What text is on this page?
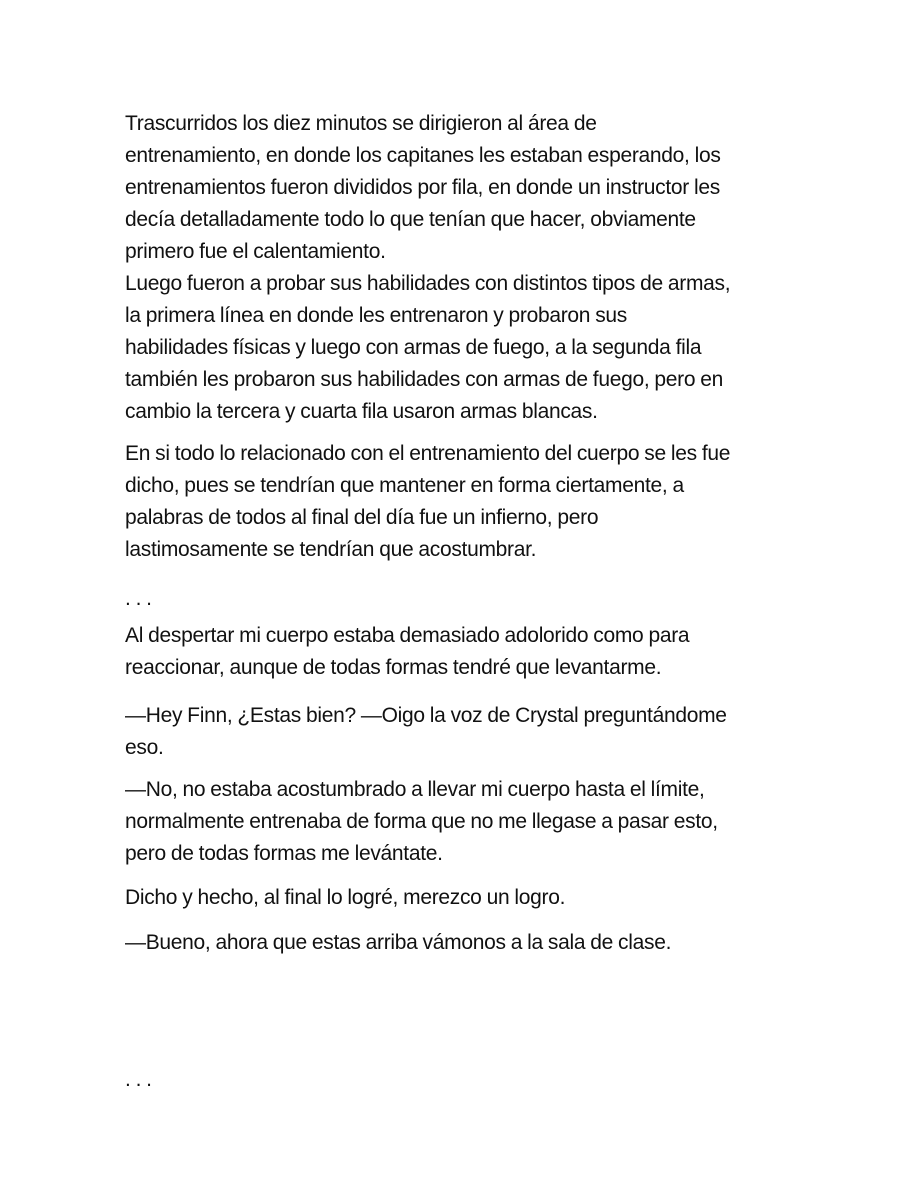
Trascurridos los diez minutos se dirigieron al área de
entrenamiento, en donde los capitanes les estaban esperando, los
entrenamientos fueron divididos por fila, en donde un instructor les
decía detalladamente todo lo que tenían que hacer, obviamente
primero fue el calentamiento.
Luego fueron a probar sus habilidades con distintos tipos de armas,
la primera línea en donde les entrenaron y probaron sus
habilidades físicas y luego con armas de fuego, a la segunda fila
también les probaron sus habilidades con armas de fuego, pero en
cambio la tercera y cuarta fila usaron armas blancas.
En si todo lo relacionado con el entrenamiento del cuerpo se les fue
dicho, pues se tendrían que mantener en forma ciertamente, a
palabras de todos al final del día fue un infierno, pero
lastimosamente se tendrían que acostumbrar.
. . .
Al despertar mi cuerpo estaba demasiado adolorido como para
reaccionar, aunque de todas formas tendré que levantarme.
—Hey Finn, ¿Estas bien? —Oigo la voz de Crystal preguntándome
eso.
—No, no estaba acostumbrado a llevar mi cuerpo hasta el límite,
normalmente entrenaba de forma que no me llegase a pasar esto,
pero de todas formas me levántate.
Dicho y hecho, al final lo logré, merezco un logro.
—Bueno, ahora que estas arriba vámonos a la sala de clase.
. . .
